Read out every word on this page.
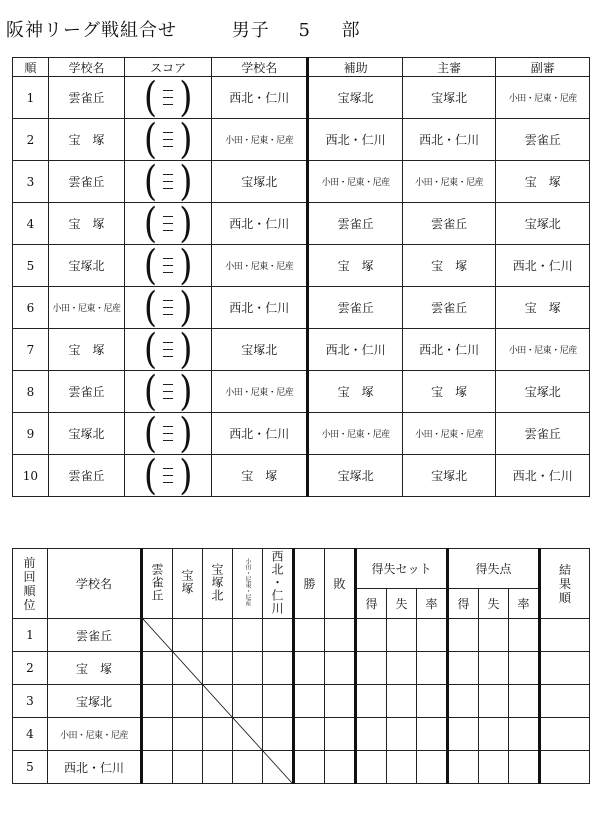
阪神リーグ戦組合せ	男子 5 部
順	学校名	スコア	学校名	補助	主審	副審
1	雲雀丘	( )	西北・仁川	宝塚北	宝塚北	小田・尼東・尼産
2	宝　塚	( )	小田・尼東・尼産	西北・仁川	西北・仁川	雲雀丘
3	雲雀丘	( )	宝塚北	小田・尼東・尼産	小田・尼東・尼産	宝　塚
4	宝　塚	( )	西北・仁川	雲雀丘	雲雀丘	宝塚北
5	宝塚北	( )	小田・尼東・尼産	宝　塚	宝　塚	西北・仁川
6	小田・尼東・尼産	( )	西北・仁川	雲雀丘	雲雀丘	宝　塚
7	宝　塚	( )	宝塚北	西北・仁川	西北・仁川	小田・尼東・尼産
8	雲雀丘	( )	小田・尼東・尼産	宝　塚	宝　塚	宝塚北
9	宝塚北	( )	西北・仁川	小田・尼東・尼産	小田・尼東・尼産	雲雀丘
10	雲雀丘	( )	宝　塚	宝塚北	宝塚北	西北・仁川
前回順位	学校名	雲雀丘	宝塚	宝塚北	小田・尼東・尼産	西北・仁川	勝	敗	得失セット			得失点			結果順
									得	失	率	得	失	率	
1	雲雀丘	

2	宝　塚		

3	宝塚北			

4	小田・尼東・尼産				

5	西北・仁川					
